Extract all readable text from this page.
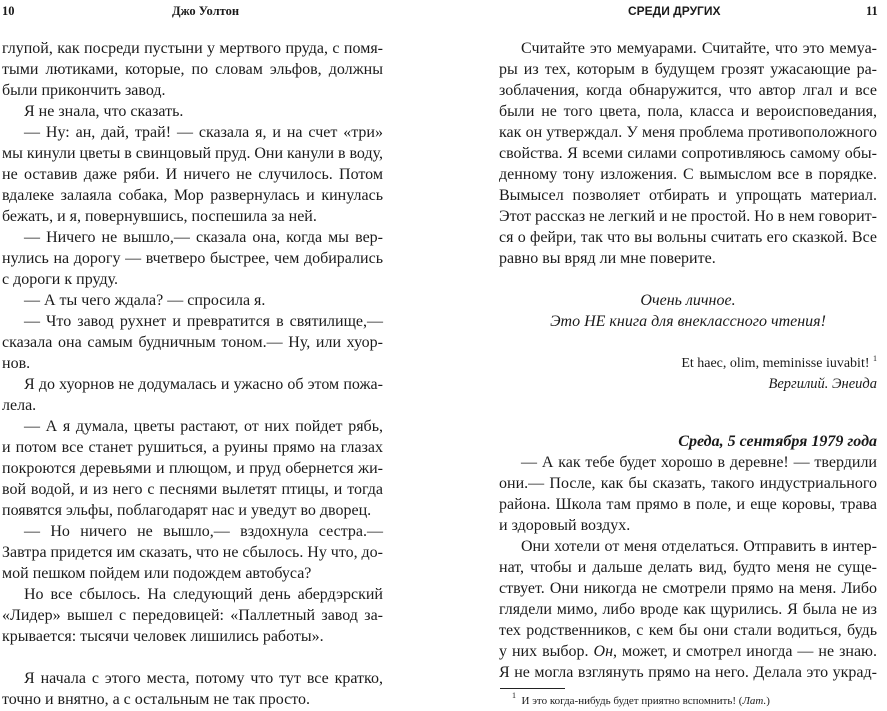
10	Джо Уолтон	СРЕДИ ДРУГИХ	11
глупой, как посреди пустыни у мертвого пруда, с помя-
тыми лютиками, которые, по словам эльфов, должны
были прикончить завод.
Я не знала, что сказать.
— Ну: ан, дай, трай! — сказала я, и на счет «три»
мы кинули цветы в свинцовый пруд. Они канули в воду,
не оставив даже ряби. И ничего не случилось. Потом
вдалеке залаяла собака, Мор развернулась и кинулась
бежать, и я, повернувшись, поспешила за ней.
— Ничего не вышло,— сказала она, когда мы вер-
нулись на дорогу — вчетверо быстрее, чем добирались
с дороги к пруду.
— А ты чего ждала? — спросила я.
— Что завод рухнет и превратится в святилище,—
сказала она самым будничным тоном.— Ну, или хуор-
нов.
Я до хуорнов не додумалась и ужасно об этом пожа-
лела.
— А я думала, цветы растают, от них пойдет рябь,
и потом все станет рушиться, а руины прямо на глазах
покроются деревьями и плющом, и пруд обернется жи-
вой водой, и из него с песнями вылетят птицы, и тогда
появятся эльфы, поблагодарят нас и уведут во дворец.
— Но ничего не вышло,— вздохнула сестра.—
Завтра придется им сказать, что не сбылось. Ну что, до-
мой пешком пойдем или подождем автобуса?
Но все сбылось. На следующий день абердэрский
«Лидер» вышел с передовицей: «Паллетный завод за-
крывается: тысячи человек лишились работы».
Я начала с этого места, потому что тут все кратко,
точно и внятно, а с остальным не так просто.
Считайте это мемуарами. Считайте, что это мемуа-
ры из тех, которым в будущем грозят ужасающие ра-
зоблачения, когда обнаружится, что автор лгал и все
были не того цвета, пола, класса и вероисповедания,
как он утверждал. У меня проблема противоположного
свойства. Я всеми силами сопротивляюсь самому обы-
денному тону изложения. С вымыслом все в порядке.
Вымысел позволяет отбирать и упрощать материал.
Этот рассказ не легкий и не простой. Но в нем говорит-
ся о фейри, так что вы вольны считать его сказкой. Все
равно вы вряд ли мне поверите.
Очень личное.
Это НЕ книга для внеклассного чтения!
Et haec, olim, meminisse iuvabit! $^1$
Вергилий. Энеида
Среда, 5 сентября 1979 года
— А как тебе будет хорошо в деревне! — твердили
они.— После, как бы сказать, такого индустриального
района. Школа там прямо в поле, и еще коровы, трава
и здоровый воздух.
Они хотели от меня отделаться. Отправить в интер-
нат, чтобы и дальше делать вид, будто меня не суще-
ствует. Они никогда не смотрели прямо на меня. Либо
глядели мимо, либо вроде как щурились. Я была не из
тех родственников, с кем бы они стали водиться, будь
у них выбор. Он, может, и смотрел иногда — не знаю.
Я не могла взглянуть прямо на него. Делала это украд-
$^1$ И это когда-нибудь будет приятно вспомнить! (Лат.)
